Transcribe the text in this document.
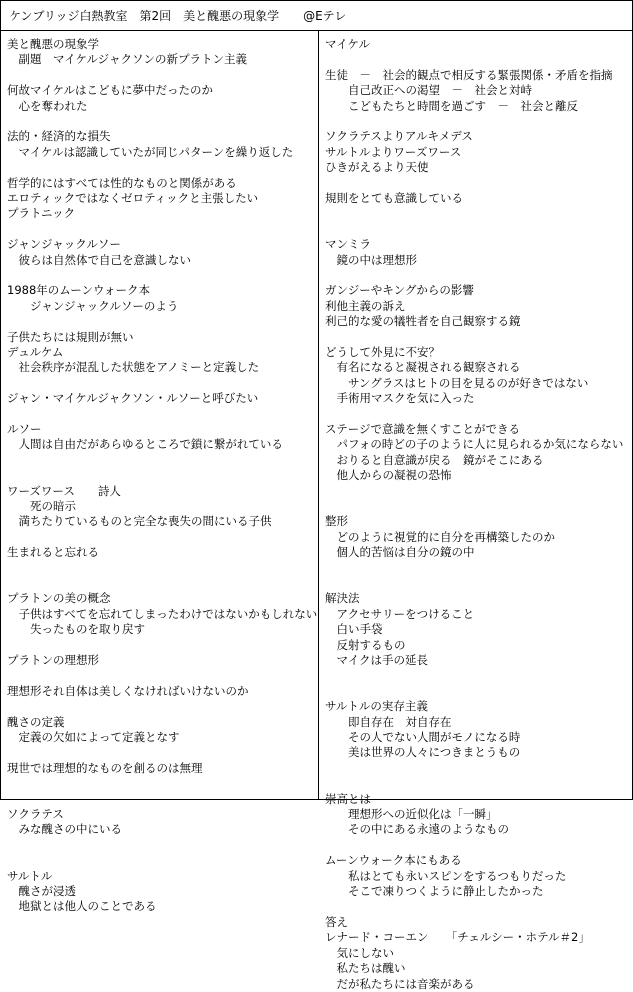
ケンブリッジ白熱教室　第2回　美と醜悪の現象学　　@Eテレ
美と醜悪の現象学
　副題　マイケルジャクソンの新プラトン主義
何故マイケルはこどもに夢中だったのか
　心を奪われた
法的・経済的な損失
　マイケルは認識していたが同じパターンを繰り返した
哲学的にはすべては性的なものと関係がある
エロティックではなくゼロティックと主張したい
プラトニック
ジャンジャックルソー
　彼らは自然体で自己を意識しない
1988年のムーンウォーク本
　　ジャンジャックルソーのよう
子供たちには規則が無い
デュルケム
　社会秩序が混乱した状態をアノミーと定義した
ジャン・マイケルジャクソン・ルソーと呼びたい
ルソー
　人間は自由だがあらゆるところで鎖に繋がれている
ワーズワース　　詩人
　　死の暗示
　満ちたりているものと完全な喪失の間にいる子供
生まれると忘れる
プラトンの美の概念
　子供はすべてを忘れてしまったわけではないかもしれない
　　失ったものを取り戻す
プラトンの理想形
理想形それ自体は美しくなければいけないのか
醜さの定義
　定義の欠如によって定義となす
現世では理想的なものを創るのは無理
ソクラテス
　みな醜さの中にいる
サルトル
　醜さが浸透
　地獄とは他人のことである
マイケル
生徒　－　社会的観点で相反する緊張関係・矛盾を指摘
　　自己改正への渇望　－　社会と対峙
　　こどもたちと時間を過ごす　－　社会と離反
ソクラテスよりアルキメデス
サルトルよりワーズワース
ひきがえるより天使
規則をとても意識している
マンミラ
　鏡の中は理想形
ガンジーやキングからの影響
利他主義の訴え
利己的な愛の犠牲者を自己観察する鏡
どうして外見に不安？
　有名になると凝視される観察される
　　サングラスはヒトの目を見るのが好きではない
　手術用マスクを気に入った
ステージで意識を無くすことができる
　パフォの時どの子のように人に見られるか気にならない
　おりると自意識が戻る　鏡がそこにある
　他人からの凝視の恐怖
整形
　どのように視覚的に自分を再構築したのか
　個人的苦悩は自分の鏡の中
解決法
　アクセサリーをつけること
　白い手袋
　反射するもの
　マイクは手の延長
サルトルの実存主義
　　即自存在　対自存在
　　その人でない人間がモノになる時
　　美は世界の人々につきまとうもの
崇高とは
　　理想形への近似化は「一瞬」
　　その中にある永遠のようなもの
ムーンウォーク本にもある
　　私はとても永いスピンをするつもりだった
　　そこで凍りつくように静止したかった
答え
レナード・コーエン　　「チェルシー・ホテル＃2」
　気にしない
　私たちは醜い
　だが私たちには音楽がある
